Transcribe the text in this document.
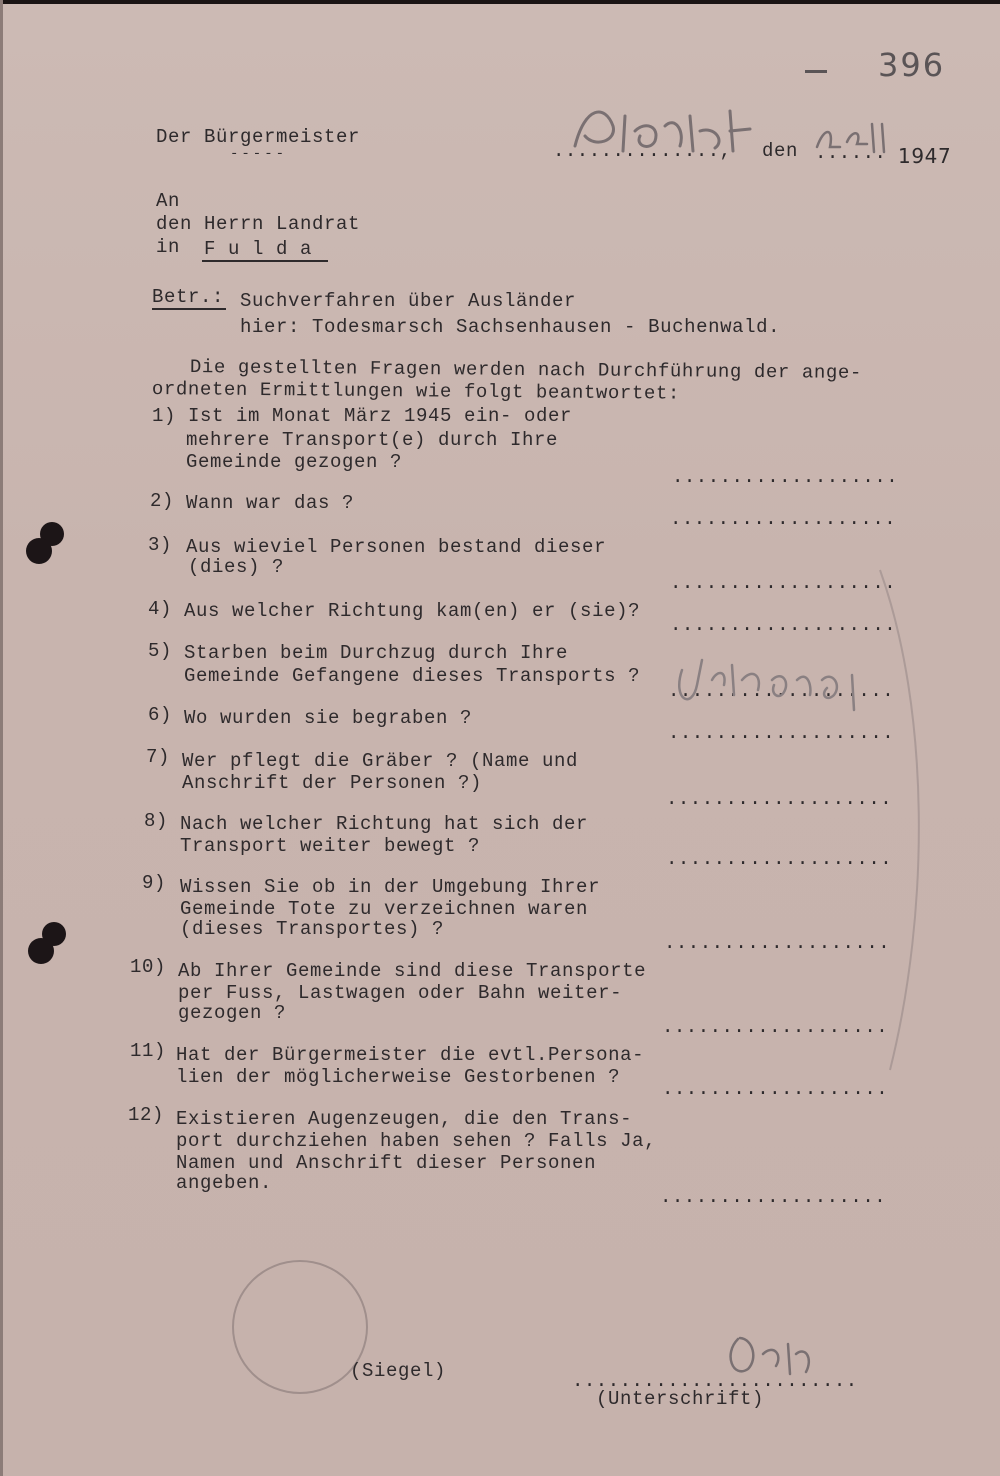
396
Der Bürgermeister
-----	.............., den ...... 1947
An
den Herrn Landrat
in F u l d a
Betr.: Suchverfahren über Ausländer
hier: Todesmarsch Sachsenhausen - Buchenwald.
Die gestellten Fragen werden nach Durchführung der ange-
ordneten Ermittlungen wie folgt beantwortet:
1) Ist im Monat März 1945 ein- oder
mehrere Transport(e) durch Ihre
Gemeinde gezogen ?
...................
2) Wann war das ?
...................
3) Aus wieviel Personen bestand dieser
(dies) ?
...................
4) Aus welcher Richtung kam(en) er (sie)?
...................
5) Starben beim Durchzug durch Ihre
Gemeinde Gefangene dieses Transports ?
...................
6) Wo wurden sie begraben ?
...................
7) Wer pflegt die Gräber ? (Name und
Anschrift der Personen ?)
...................
8) Nach welcher Richtung hat sich der
Transport weiter bewegt ?
...................
9) Wissen Sie ob in der Umgebung Ihrer
Gemeinde Tote zu verzeichnen waren
(dieses Transportes) ?
...................
10) Ab Ihrer Gemeinde sind diese Transporte
per Fuss, Lastwagen oder Bahn weiter-
gezogen ?
...................
11) Hat der Bürgermeister die evtl.Persona-
lien der möglicherweise Gestorbenen ?
...................
12) Existieren Augenzeugen, die den Trans-
port durchziehen haben sehen ? Falls Ja,
Namen und Anschrift dieser Personen
angeben.
...................
(Siegel)	........................
(Unterschrift)
